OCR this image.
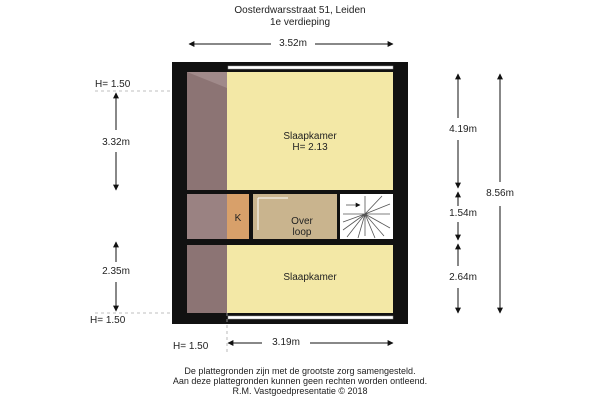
Oosterdwarsstraat 51, Leiden
1e verdieping
Slaapkamer
H= 2.13
Over
loop
K
Slaapkamer
3.52m
3.19m
4.19m
1.54m
2.64m
8.56m
3.32m
2.35m
H= 1.50
H= 1.50
H= 1.50
De plattegronden zijn met de grootste zorg samengesteld.
Aan deze plattegronden kunnen geen rechten worden ontleend.
R.M. Vastgoedpresentatie © 2018
